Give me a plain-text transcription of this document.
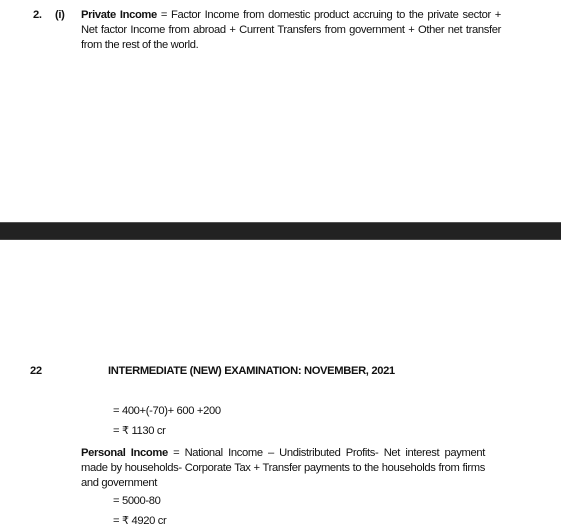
2. (i) Private Income = Factor Income from domestic product accruing to the private sector + Net factor Income from abroad + Current Transfers from government + Other net transfer from the rest of the world.
22	INTERMEDIATE (NEW) EXAMINATION: NOVEMBER, 2021
= 400+(-70)+ 600 +200
= ₹ 1130 cr
Personal Income = National Income – Undistributed Profits- Net interest payment made by households- Corporate Tax + Transfer payments to the households from firms and government
= 5000-80
= ₹ 4920 cr
